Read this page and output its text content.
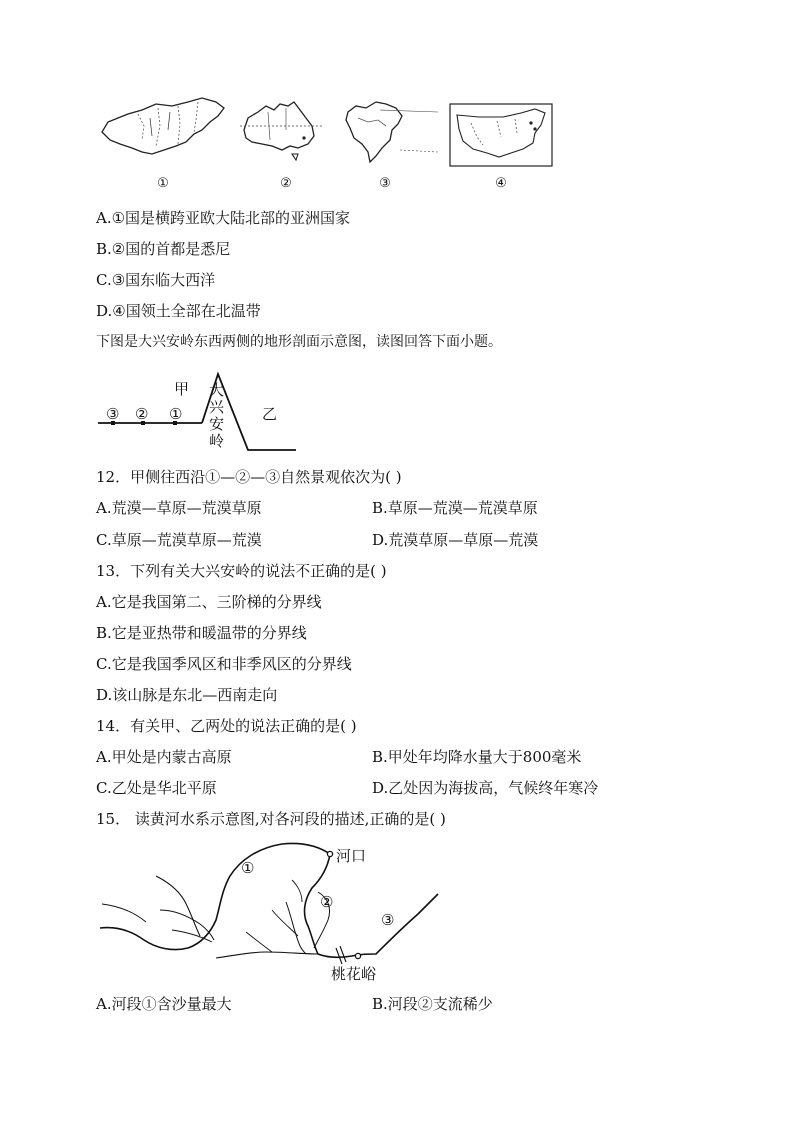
①	②	③	④
A.①国是横跨亚欧大陆北部的亚洲国家
B.②国的首都是悉尼
C.③国东临大西洋
D.④国领土全部在北温带
下图是大兴安岭东西两侧的地形剖面示意图，读图回答下面小题。
③ ② ①
甲
乙
大
兴
安
岭
12．甲侧往西沿①—②—③自然景观依次为( )
A.荒漠—草原—荒漠草原	B.草原—荒漠—荒漠草原
C.草原—荒漠草原—荒漠	D.荒漠草原—草原—荒漠
13．下列有关大兴安岭的说法不正确的是( )
A.它是我国第二、三阶梯的分界线
B.它是亚热带和暖温带的分界线
C.它是我国季风区和非季风区的分界线
D.该山脉是东北—西南走向
14．有关甲、乙两处的说法正确的是( )
A.甲处是内蒙古高原	B.甲处年均降水量大于800毫米
C.乙处是华北平原	D.乙处因为海拔高，气候终年寒冷
15． 读黄河水系示意图,对各河段的描述,正确的是( )
①
河口
②
③
桃花峪
A.河段①含沙量最大	B.河段②支流稀少
